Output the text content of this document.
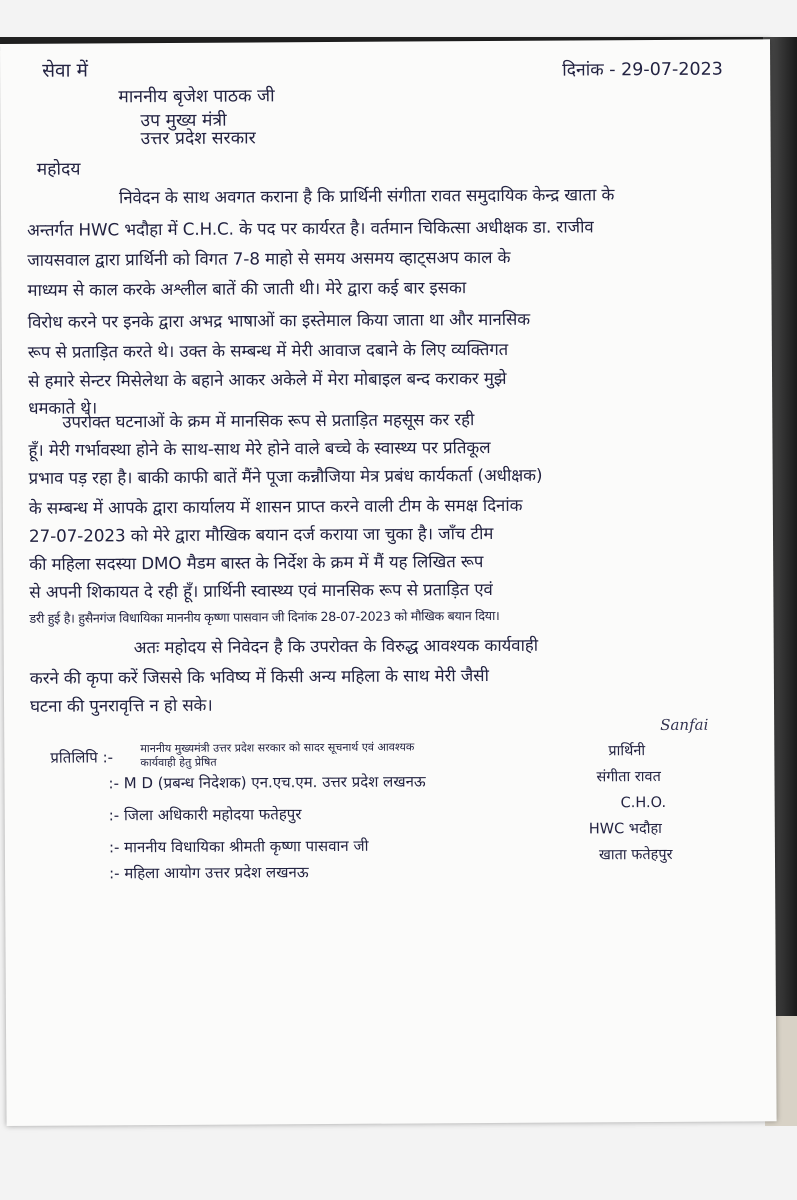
सेवा में	दिनांक - 29-07-2023
माननीय बृजेश पाठक जी
उप मुख्य मंत्री
उत्तर प्रदेश सरकार
महोदय
निवेदन के साथ अवगत कराना है कि प्रार्थिनी संगीता रावत समुदायिक केन्द्र खाता के
अन्तर्गत HWC भदौहा में C.H.C. के पद पर कार्यरत है। वर्तमान चिकित्सा अधीक्षक डा. राजीव
जायसवाल द्वारा प्रार्थिनी को विगत 7-8 माहो से समय असमय व्हाट्सअप काल के
माध्यम से काल करके अश्लील बातें की जाती थी। मेरे द्वारा कई बार इसका
विरोध करने पर इनके द्वारा अभद्र भाषाओं का इस्तेमाल किया जाता था और मानसिक
रूप से प्रताड़ित करते थे। उक्त के सम्बन्ध में मेरी आवाज दबाने के लिए व्यक्तिगत
से हमारे सेन्टर मिसेलेथा के बहाने आकर अकेले में मेरा मोबाइल बन्द कराकर मुझे
धमकाते थे।
उपरोक्त घटनाओं के क्रम में मानसिक रूप से प्रताड़ित महसूस कर रही
हूँ। मेरी गर्भावस्था होने के साथ-साथ मेरे होने वाले बच्चे के स्वास्थ्य पर प्रतिकूल
प्रभाव पड़ रहा है। बाकी काफी बातें मैंने पूजा कन्नौजिया मेत्र प्रबंध कार्यकर्ता (अधीक्षक)
के सम्बन्ध में आपके द्वारा कार्यालय में शासन प्राप्त करने वाली टीम के समक्ष दिनांक
27-07-2023 को मेरे द्वारा मौखिक बयान दर्ज कराया जा चुका है। जाँच टीम
की महिला सदस्या DMO मैडम बास्त के निर्देश के क्रम में मैं यह लिखित रूप
से अपनी शिकायत दे रही हूँ। प्रार्थिनी स्वास्थ्य एवं मानसिक रूप से प्रताड़ित एवं
डरी हुई है। हुसैनगंज विधायिका माननीय कृष्णा पासवान जी दिनांक 28-07-2023 को मौखिक बयान दिया।
अतः महोदय से निवेदन है कि उपरोक्त के विरुद्ध आवश्यक कार्यवाही
करने की कृपा करें जिससे कि भविष्य में किसी अन्य महिला के साथ मेरी जैसी
घटना की पुनरावृत्ति न हो सके।
Sanfai
प्रार्थिनी
संगीता रावत
C.H.O.
HWC भदौहा
खाता फतेहपुर
प्रतिलिपि :-
माननीय मुख्यमंत्री उत्तर प्रदेश सरकार को सादर सूचनार्थ एवं आवश्यक
कार्यवाही हेतु प्रेषित
:- M D (प्रबन्ध निदेशक) एन.एच.एम. उत्तर प्रदेश लखनऊ
:- जिला अधिकारी महोदया फतेहपुर
:- माननीय विधायिका श्रीमती कृष्णा पासवान जी
:- महिला आयोग उत्तर प्रदेश लखनऊ
